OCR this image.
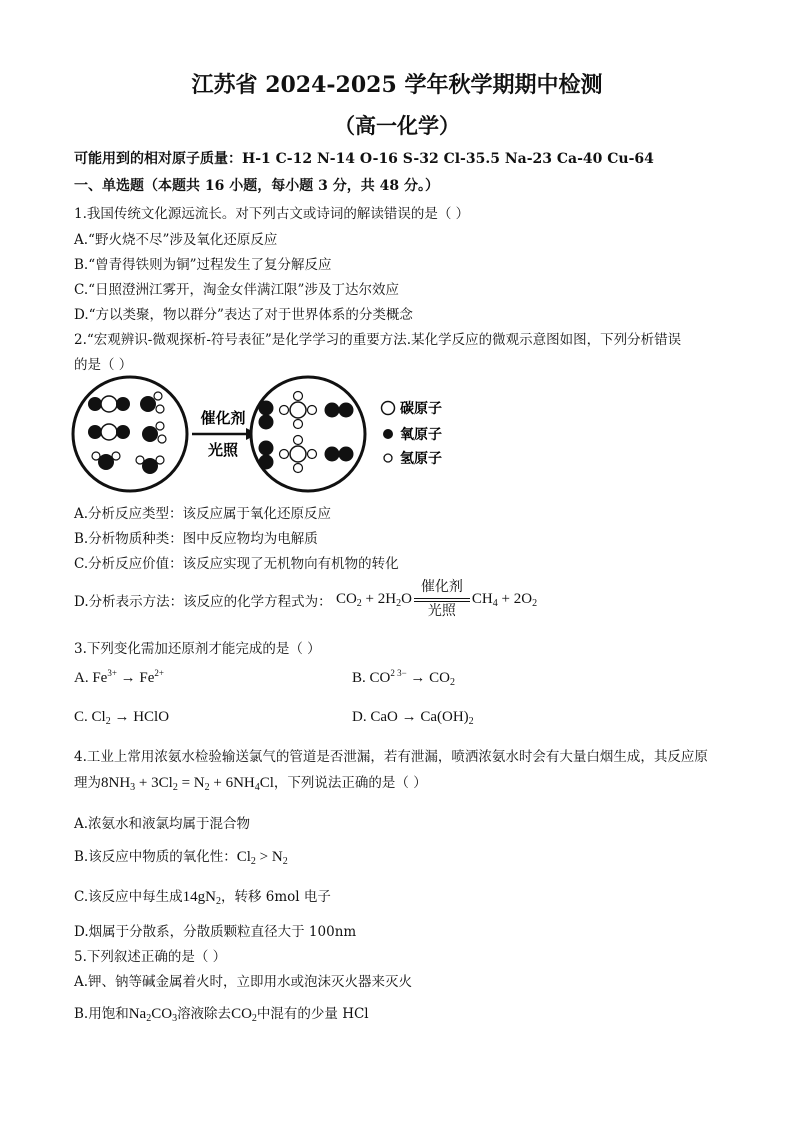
江苏省 2024-2025 学年秋学期期中检测
（高一化学）
可能用到的相对原子质量：H-1 C-12 N-14 O-16 S-32 Cl-35.5 Na-23 Ca-40 Cu-64
一、单选题（本题共 16 小题，每小题 3 分，共 48 分。）
1.我国传统文化源远流长。对下列古文或诗词的解读错误的是（ ）
A.“野火烧不尽”涉及氧化还原反应
B.“曾青得铁则为铜”过程发生了复分解反应
C.“日照澄洲江雾开，淘金女伴满江限”涉及丁达尔效应
D.“方以类聚，物以群分”表达了对于世界体系的分类概念
2.“宏观辨识-微观探析-符号表征”是化学学习的重要方法.某化学反应的微观示意图如图，下列分析错误
的是（ ）
催化剂
光照
碳原子
氧原子
氢原子
A.分析反应类型：该反应属于氧化还原反应
B.分析物质种类：图中反应物均为电解质
C.分析反应价值：该反应实现了无机物向有机物的转化
D.分析表示方法：该反应的化学方程式为： $CO_2 + 2H_2O \frac{\text{催化剂}}{\text{光照}} CH_4 + 2O_2$
3.下列变化需加还原剂才能完成的是（ ）
A. $Fe^{3+} \to Fe^{2+}$	B. $CO^{2 3-} \to CO_2$
C. $Cl_2$ → HClO	D. CaO → $Ca(OH)_2$
4.工业上常用浓氨水检验输送氯气的管道是否泄漏，若有泄漏，喷洒浓氨水时会有大量白烟生成，其反应原
理为$8NH_3 + 3Cl_2 = N_2 + 6NH_4Cl$，下列说法正确的是（ ）
A.浓氨水和液氯均属于混合物
B.该反应中物质的氧化性：$Cl_2 > N_2$
C.该反应中每生成$14gN_2$，转移 6mol 电子
D.烟属于分散系，分散质颗粒直径大于 100nm
5.下列叙述正确的是（ ）
A.钾、钠等碱金属着火时，立即用水或泡沫灭火器来灭火
B.用饱和$Na_2CO_3$溶液除去$CO_2$中混有的少量 HCl
